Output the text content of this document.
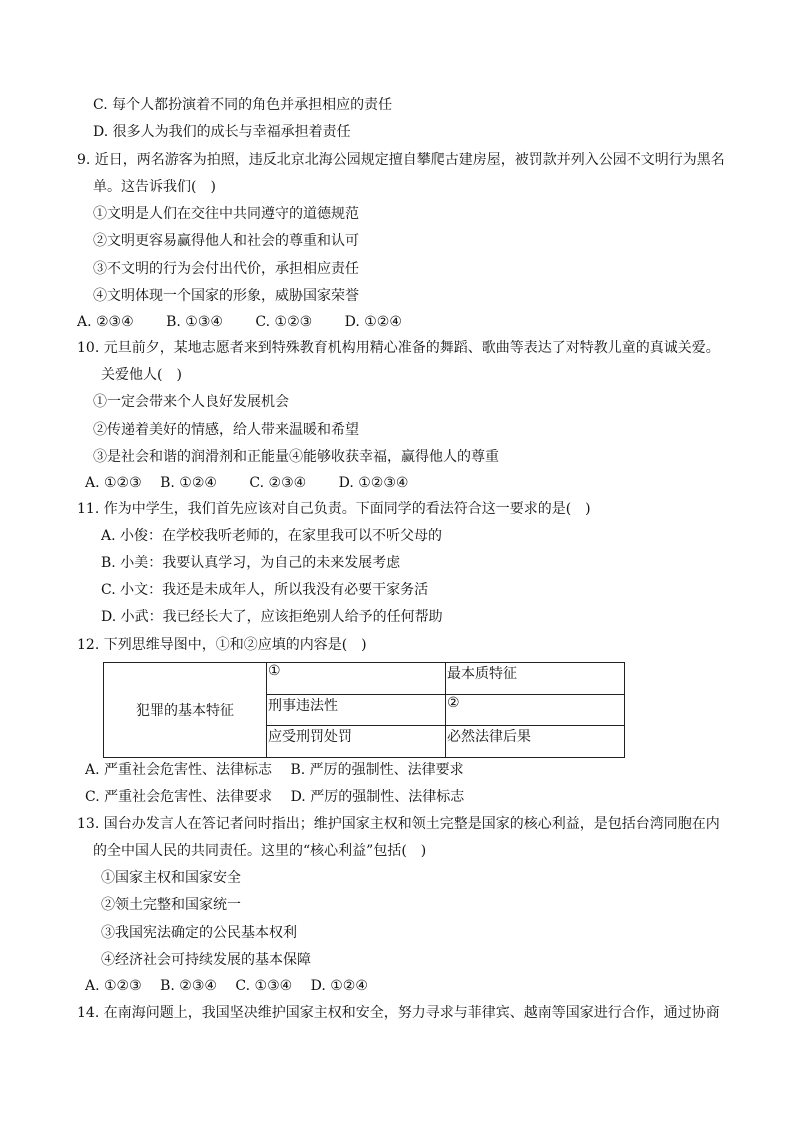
C. 每个人都扮演着不同的角色并承担相应的责任
D. 很多人为我们的成长与幸福承担着责任
9. 近日，两名游客为拍照，违反北京北海公园规定擅自攀爬古建房屋，被罚款并列入公园不文明行为黑名
单。这告诉我们(　)
①文明是人们在交往中共同遵守的道德规范
②文明更容易赢得他人和社会的尊重和认可
③不文明的行为会付出代价，承担相应责任
④文明体现一个国家的形象，威胁国家荣誉
A. ②③④　　 B. ①③④　　 C. ①②③　　 D. ①②④
10. 元旦前夕，某地志愿者来到特殊教育机构用精心准备的舞蹈、歌曲等表达了对特教儿童的真诚关爱。
关爱他人(　)
①一定会带来个人良好发展机会
②传递着美好的情感，给人带来温暖和希望
③是社会和谐的润滑剂和正能量④能够收获幸福，赢得他人的尊重
A. ①②③　 B. ①②④　　 C. ②③④　　 D. ①②③④
11. 作为中学生，我们首先应该对自己负责。下面同学的看法符合这一要求的是(　)
A. 小俊：在学校我听老师的，在家里我可以不听父母的
B. 小美：我要认真学习，为自己的未来发展考虑
C. 小文：我还是未成年人，所以我没有必要干家务活
D. 小武：我已经长大了，应该拒绝别人给予的任何帮助
12. 下列思维导图中，①和②应填的内容是(　)
犯罪的基本特征	①	最本质特征
	刑事违法性	②
	应受刑罚处罚	必然法律后果
A. 严重社会危害性、法律标志　 B. 严厉的强制性、法律要求
C. 严重社会危害性、法律要求　 D. 严厉的强制性、法律标志
13. 国台办发言人在答记者问时指出；维护国家主权和领土完整是国家的核心利益，是包括台湾同胞在内
的全中国人民的共同责任。这里的“核心利益”包括(　)
①国家主权和国家安全
②领土完整和国家统一
③我国宪法确定的公民基本权利
④经济社会可持续发展的基本保障
A. ①②③　 B. ②③④　 C. ①③④　 D. ①②④
14. 在南海问题上，我国坚决维护国家主权和安全，努力寻求与菲律宾、越南等国家进行合作，通过协商
